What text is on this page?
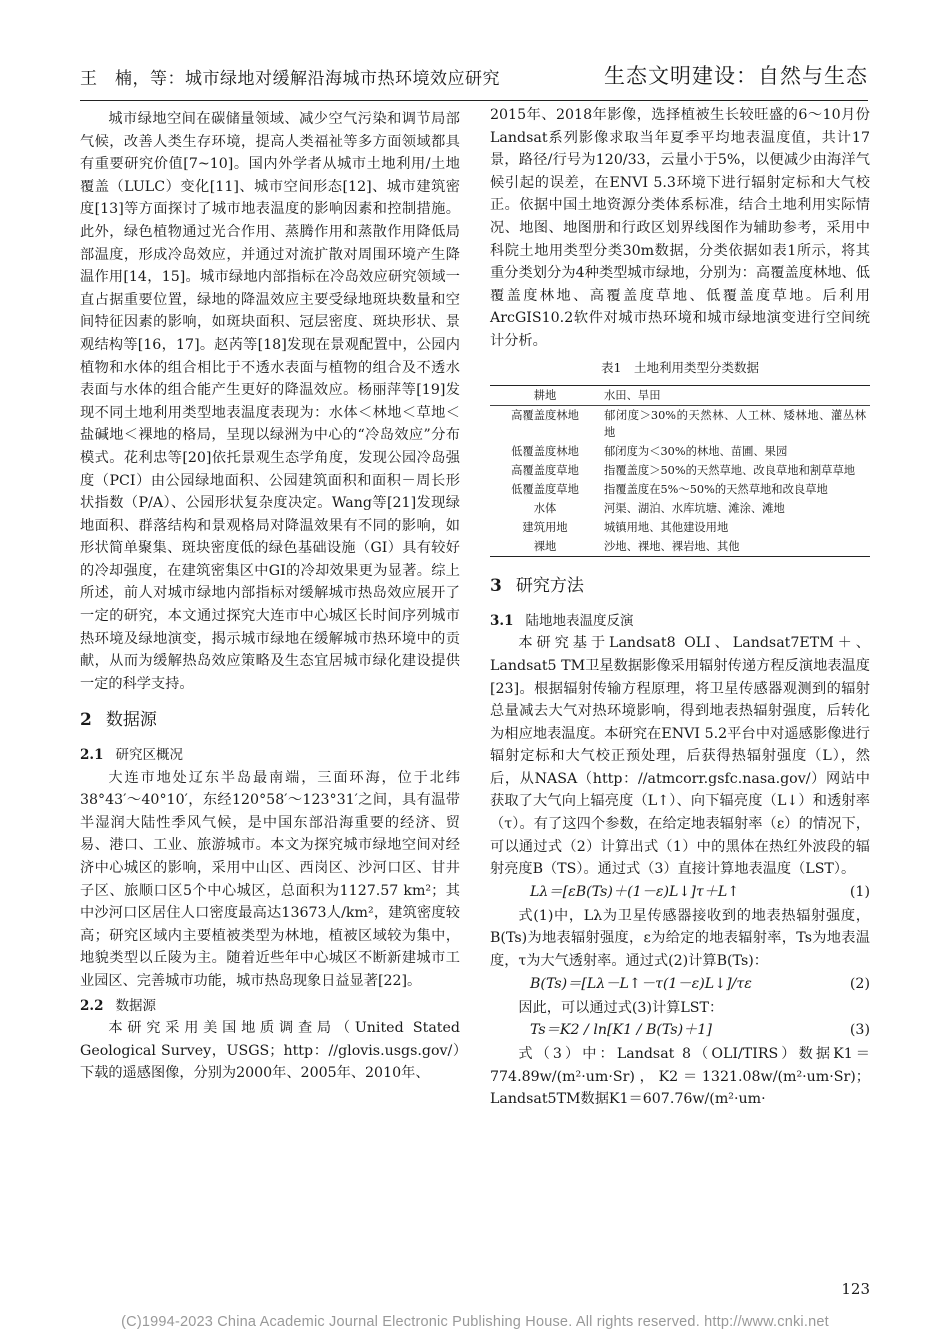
王　楠，等：城市绿地对缓解沿海城市热环境效应研究	生态文明建设：自然与生态

城市绿地空间在碳储量领域、减少空气污染和调节局部气候，改善人类生存环境，提高人类福祉等多方面领域都具有重要研究价值[7~10]。国内外学者从城市土地利用/土地覆盖（LULC）变化[11]、城市空间形态[12]、城市建筑密度[13]等方面探讨了城市地表温度的影响因素和控制措施。此外，绿色植物通过光合作用、蒸腾作用和蒸散作用降低局部温度，形成冷岛效应，并通过对流扩散对周围环境产生降温作用[14，15]。城市绿地内部指标在冷岛效应研究领域一直占据重要位置，绿地的降温效应主要受绿地斑块数量和空间特征因素的影响，如斑块面积、冠层密度、斑块形状、景观结构等[16，17]。赵芮等[18]发现在景观配置中，公园内植物和水体的组合相比于不透水表面与植物的组合及不透水表面与水体的组合能产生更好的降温效应。杨丽萍等[19]发现不同土地利用类型地表温度表现为：水体＜林地＜草地＜盐碱地＜裸地的格局，呈现以绿洲为中心的“冷岛效应”分布模式。花利忠等[20]依托景观生态学角度，发现公园冷岛强度（PCI）由公园绿地面积、公园建筑面积和面积－周长形状指数（P/A）、公园形状复杂度决定。Wang等[21]发现绿地面积、群落结构和景观格局对降温效果有不同的影响，如形状简单聚集、斑块密度低的绿色基础设施（GI）具有较好的冷却强度，在建筑密集区中GI的冷却效果更为显著。综上所述，前人对城市绿地内部指标对缓解城市热岛效应展开了一定的研究，本文通过探究大连市中心城区长时间序列城市热环境及绿地演变，揭示城市绿地在缓解城市热环境中的贡献，从而为缓解热岛效应策略及生态宜居城市绿化建设提供一定的科学支持。

2 数据源
2.1 研究区概况

大连市地处辽东半岛最南端，三面环海，位于北纬38°43′～40°10′，东经120°58′～123°31′之间，具有温带半湿润大陆性季风气候，是中国东部沿海重要的经济、贸易、港口、工业、旅游城市。本文为探究城市绿地空间对经济中心城区的影响，采用中山区、西岗区、沙河口区、甘井子区、旅顺口区5个中心城区，总面积为1127.57 km²；其中沙河口区居住人口密度最高达13673人/km²，建筑密度较高；研究区域内主要植被类型为林地，植被区域较为集中，地貌类型以丘陵为主。随着近些年中心城区不断新建城市工业园区、完善城市功能，城市热岛现象日益显著[22]。

2.2 数据源

本研究采用美国地质调查局（United Stated Geological Survey，USGS；http：//glovis.usgs.gov/）下载的遥感图像，分别为2000年、2005年、2010年、

2015年、2018年影像，选择植被生长较旺盛的6～10月份Landsat系列影像求取当年夏季平均地表温度值，共计17景，路径/行号为120/33，云量小于5%，以便减少由海洋气候引起的误差，在ENVI 5.3环境下进行辐射定标和大气校正。依据中国土地资源分类体系标准，结合土地利用实际情况、地图、地图册和行政区划界线图作为辅助参考，采用中科院土地用类型分类30m数据，分类依据如表1所示，将其重分类划分为4种类型城市绿地，分别为：高覆盖度林地、低覆盖度林地、高覆盖度草地、低覆盖度草地。后利用ArcGIS10.2软件对城市热环境和城市绿地演变进行空间统计分析。

表1　土地利用类型分类数据
耕地	水田、旱田
高覆盖度林地	郁闭度＞30%的天然林、人工林、矮林地、灌丛林地
低覆盖度林地	郁闭度为＜30%的林地、苗圃、果园
高覆盖度草地	指覆盖度＞50%的天然草地、改良草地和割草草地
低覆盖度草地	指覆盖度在5%～50%的天然草地和改良草地
水体	河渠、湖泊、水库坑塘、滩涂、滩地
建筑用地	城镇用地、其他建设用地
裸地	沙地、裸地、裸岩地、其他
3 研究方法
3.1 陆地地表温度反演

本研究基于Landsat8 OLI、Landsat7ETM＋、Landsat5 TM卫星数据影像采用辐射传递方程反演地表温度[23]。根据辐射传输方程原理，将卫星传感器观测到的辐射总量减去大气对热环境影响，得到地表热辐射强度，后转化为相应地表温度。本研究在ENVI 5.2平台中对遥感影像进行辐射定标和大气校正预处理，后获得热辐射强度（L），然后，从NASA（http：//atmcorr.gsfc.nasa.gov/）网站中获取了大气向上辐亮度（L↑）、向下辐亮度（L↓）和透射率（τ）。有了这四个参数，在给定地表辐射率（ε）的情况下，可以通过式（2）计算出式（1）中的黑体在热红外波段的辐射亮度B（TS）。通过式（3）直接计算地表温度（LST）。

Lλ＝[εB(Ts)＋(1－ε)L↓]τ＋L↑	(1)

式(1)中，Lλ为卫星传感器接收到的地表热辐射强度，B(Ts)为地表辐射强度，ε为给定的地表辐射率，Ts为地表温度，τ为大气透射率。通过式(2)计算B(Ts)：

B(Ts)＝[Lλ－L↑－τ(1－ε)L↓]/τε	(2)

因此，可以通过式(3)计算LST：

Ts＝K2 / ln[K1 / B(Ts)＋1]	(3)

式（3）中：Landsat 8（OLI/TIRS）数据K1＝774.89w/(m²·um·Sr)，K2＝1321.08w/(m²·um·Sr)；Landsat5TM数据K1＝607.76w/(m²·um·

123
(C)1994-2023 China Academic Journal Electronic Publishing House. All rights reserved. http://www.cnki.net
